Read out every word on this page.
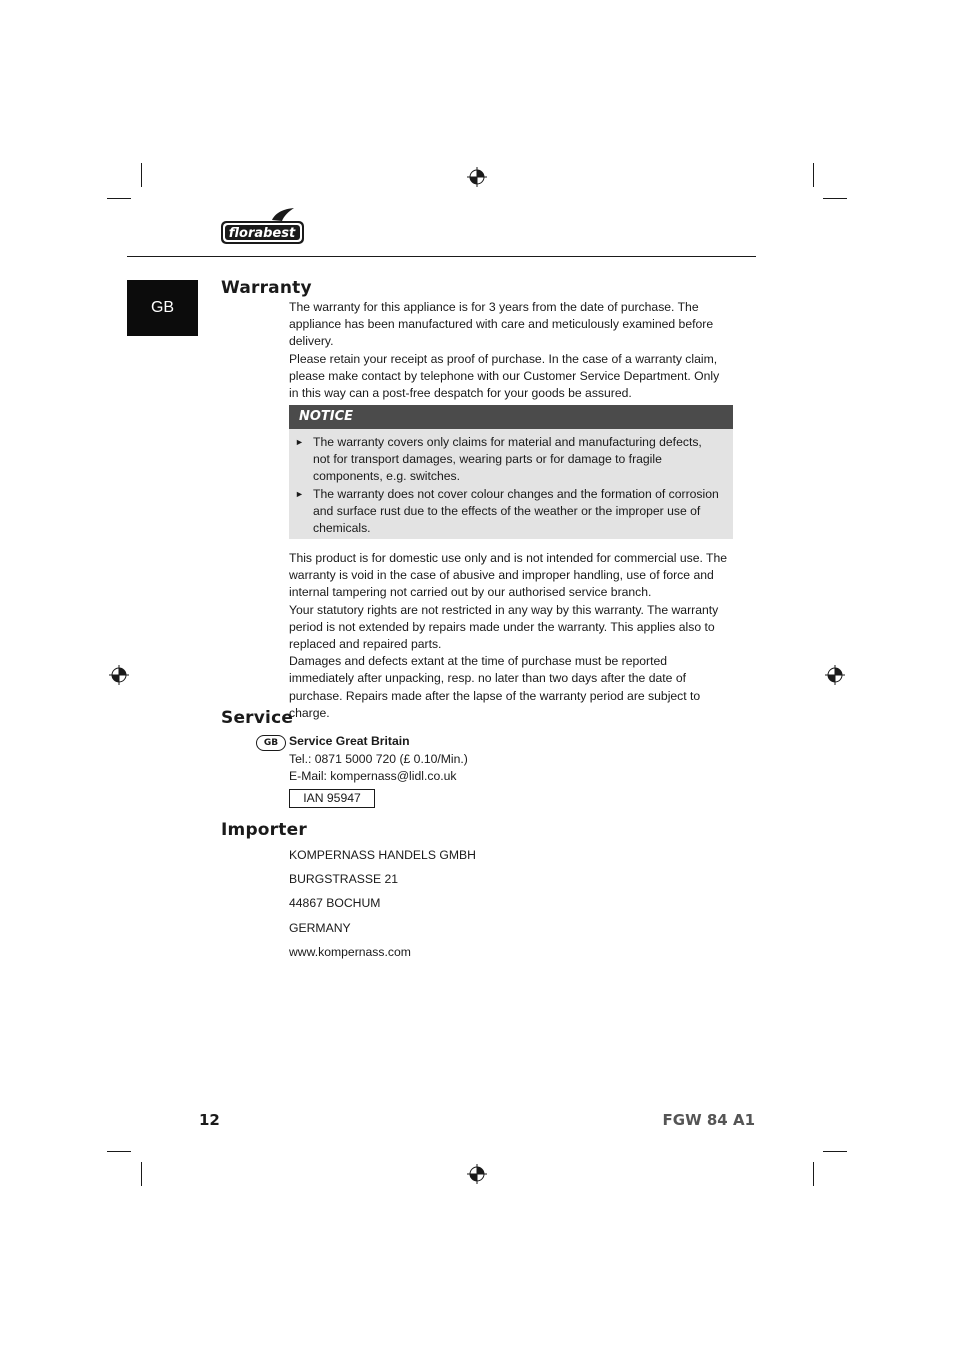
florabest
GB
Warranty

The warranty for this appliance is for 3 years from the date of purchase. The appliance has been manufactured with care and meticulously examined before delivery.

Please retain your receipt as proof of purchase. In the case of a warranty claim, please make contact by telephone with our Customer Service Department. Only in this way can a post-free despatch for your goods be assured.

NOTICE
► The warranty covers only claims for material and manufacturing defects, not for transport damages, wearing parts or for damage to fragile components, e.g. switches.
► The warranty does not cover colour changes and the formation of corrosion and surface rust due to the effects of the weather or the improper use of chemicals.

This product is for domestic use only and is not intended for commercial use. The warranty is void in the case of abusive and improper handling, use of force and internal tampering not carried out by our authorised service branch.

Your statutory rights are not restricted in any way by this warranty. The warranty period is not extended by repairs made under the warranty. This applies also to replaced and repaired parts.

Damages and defects extant at the time of purchase must be reported immediately after unpacking, resp. no later than two days after the date of purchase. Repairs made after the lapse of the warranty period are subject to charge.

Service
GB Service Great Britain
Tel.: 0871 5000 720 (£ 0.10/Min.)
E-Mail: kompernass@lidl.co.uk
IAN 95947
Importer
KOMPERNASS HANDELS GMBH
BURGSTRASSE 21
44867 BOCHUM
GERMANY
www.kompernass.com
12	FGW 84 A1
